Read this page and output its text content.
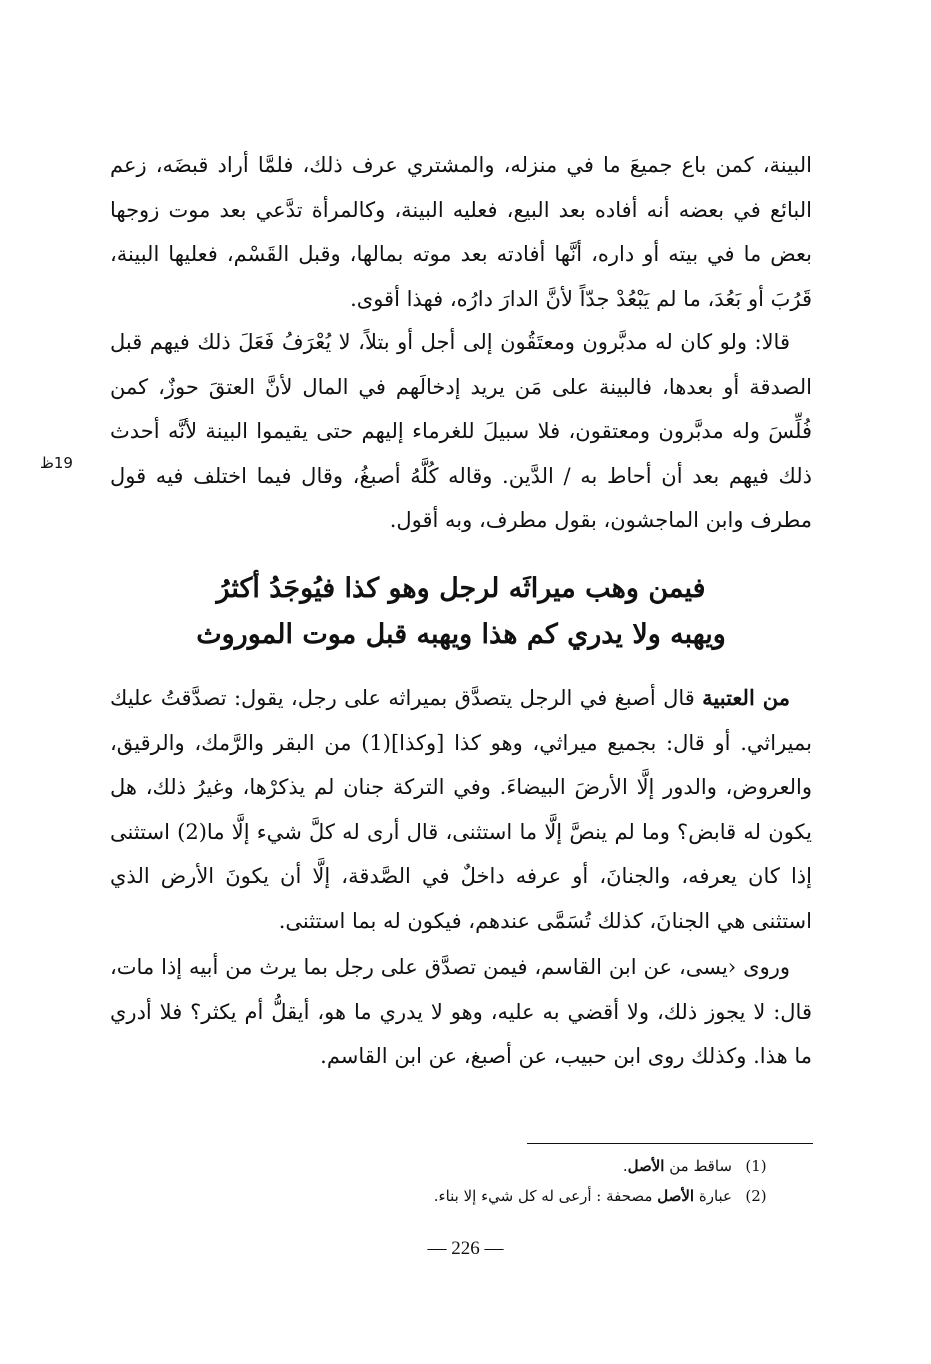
البينة، كمن باع جميعَ ما في منزله، والمشتري عرف ذلك، فلمَّا أراد قبضَه، زعم البائع في بعضه أنه أفاده بعد البيع، فعليه البينة، وكالمرأة تدَّعي بعد موت زوجها بعض ما في بيته أو داره، أنَّها أفادته بعد موته بمالها، وقبل القَسْم، فعليها البينة، قَرُبَ أو بَعُدَ، ما لم يَبْعُدْ جدّاً لأنَّ الدارَ دارُه، فهذا أقوى.

قالا: ولو كان له مدبَّرون ومعتَقُون إلى أجل أو بتلاً، لا يُعْرَفُ فَعَلَ ذلك فيهم قبل الصدقة أو بعدها، فالبينة على مَن يريد إدخالَهم في المال لأنَّ العتقَ حوزٌ، كمن فُلِّسَ وله مدبَّرون ومعتقون، فلا سبيلَ للغرماء إليهم حتى يقيموا البينة لأنَّه أحدث ذلك فيهم بعد أن أحاط به / الدَّين. وقاله كُلَّهُ أصبغُ، وقال فيما اختلف فيه قول مطرف وابن الماجشون، بقول مطرف، وبه أقول.

19ظ
فيمن وهب ميراثَه لرجل وهو كذا فيُوجَدُ أكثرُ
ويهبه ولا يدري كم هذا ويهبه قبل موت الموروث

من العتبية قال أصبغ في الرجل يتصدَّق بميراثه على رجل، يقول: تصدَّقتُ عليك بميراثي. أو قال: بجميع ميراثي، وهو كذا [وكذا](1) من البقر والرَّمك، والرقيق، والعروض، والدور إلَّا الأرضَ البيضاءَ. وفي التركة جنان لم يذكرْها، وغيرُ ذلك، هل يكون له قابض؟ وما لم ينصَّ إلَّا ما استثنى، قال أرى له كلَّ شيء إلَّا ما(2) استثنى إذا كان يعرفه، والجنانَ، أو عرفه داخلٌ في الصَّدقة، إلَّا أن يكونَ الأرض الذي استثنى هي الجنانَ، كذلك تُسَمَّى عندهم، فيكون له بما استثنى.

وروى ‹يسى، عن ابن القاسم، فيمن تصدَّق على رجل بما يرث من أبيه إذا مات، قال: لا يجوز ذلك، ولا أقضي به عليه، وهو لا يدري ما هو، أيقلُّ أم يكثر؟ فلا أدري ما هذا. وكذلك روى ابن حبيب، عن أصبغ، عن ابن القاسم.

(1)
ساقط من الأصل.
(2)
عبارة الأصل مصحفة : أرعى له كل شيء إلا بناء.
— 226 —
